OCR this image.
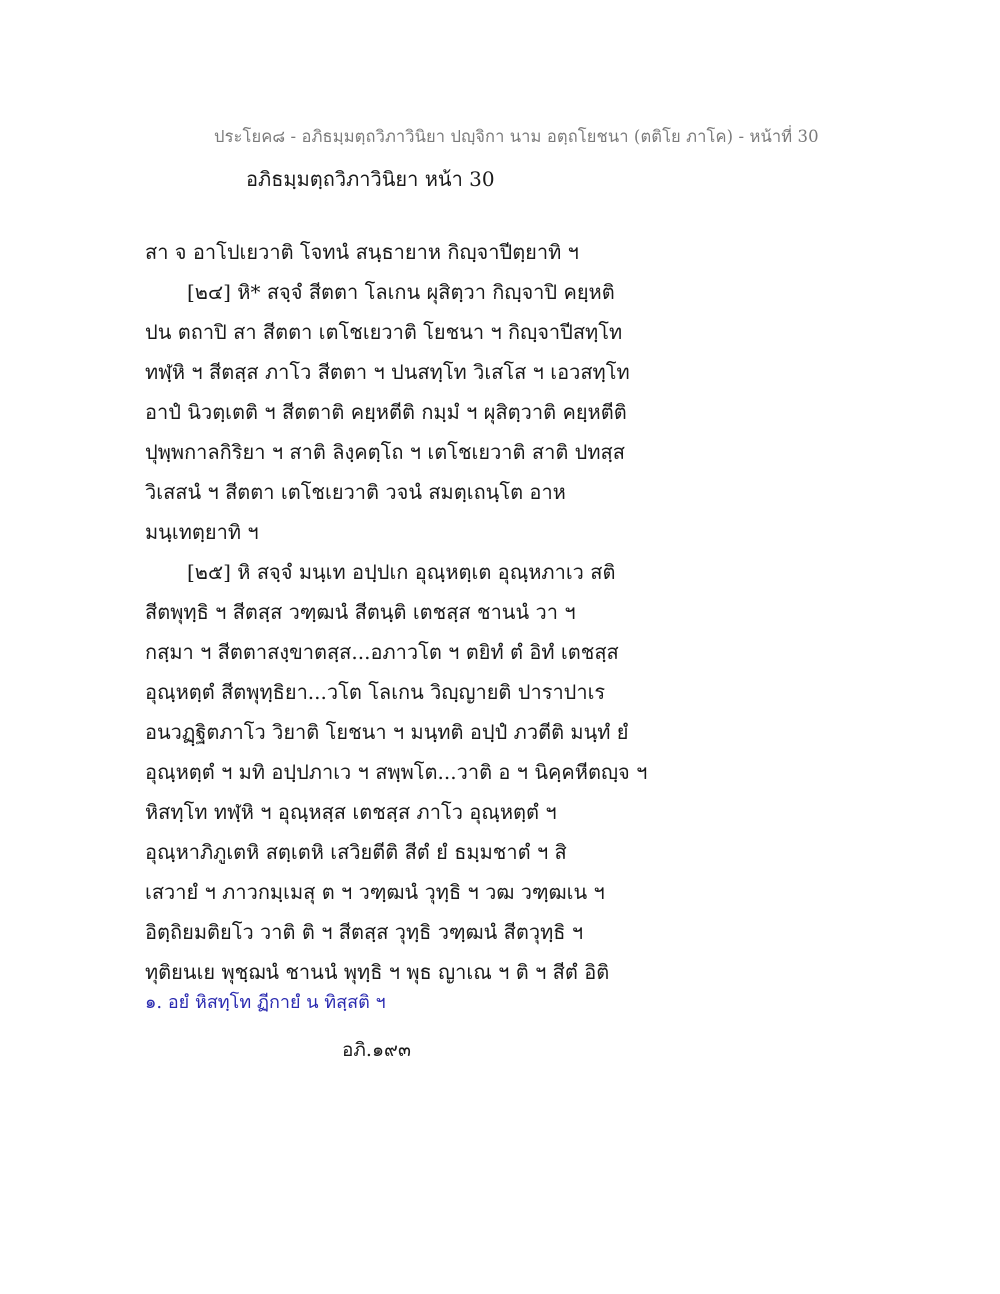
ประโยค๘ - อภิธมฺมตฺถวิภาวินิยา ปญฺจิกา นาม อตฺถโยชนา (ตติโย ภาโค) - หน้าที่ 30
อภิธมฺมตฺถวิภาวินิยา หน้า 30
สา จ อาโปเยวาติ โจทนํ สนฺธายาห กิญฺจาปีตฺยาทิ ฯ
[๒๔] หิ* สจฺจํ สีตตา โลเกน ผุสิตฺวา กิญฺจาปิ คยฺหติ
ปน ตถาปิ สา สีตตา เตโชเยวาติ โยชนา ฯ กิญฺจาปีสทฺโท
ทฬฺหิ ฯ สีตสฺส ภาโว สีตตา ฯ ปนสทฺโท วิเสโส ฯ เอวสทฺโท
อาปํ นิวตฺเตติ ฯ สีตตาติ คยฺหตีติ กมฺมํ ฯ ผุสิตฺวาติ คยฺหตีติ
ปุพฺพกาลกิริยา ฯ สาติ ลิงฺคตฺโถ ฯ เตโชเยวาติ สาติ ปทสฺส
วิเสสนํ ฯ สีตตา เตโชเยวาติ วจนํ สมตฺเถนฺโต อาห
มนฺเทตฺยาทิ ฯ
[๒๕] หิ สจฺจํ มนฺเท อปฺปเก อุณฺหตฺเต อุณฺหภาเว สติ
สีตพุทฺธิ ฯ สีตสฺส วฑฺฒนํ สีตนฺติ เตชสฺส ชานนํ วา ฯ
กสฺมา ฯ สีตตาสงฺขาตสฺส...อภาวโต ฯ ตยิทํ ตํ อิทํ เตชสฺส
อุณฺหตฺตํ สีตพุทฺธิยา...วโต โลเกน วิญฺญายติ ปาราปาเร
อนวฏฺฐิตภาโว วิยาติ โยชนา ฯ มนฺทติ อปฺปํ ภวตีติ มนฺทํ ยํ
อุณฺหตฺตํ ฯ มทิ อปฺปภาเว ฯ สพฺพโต...วาติ อ ฯ นิคฺคหีตญฺจ ฯ
หิสทฺโท ทฬฺหิ ฯ อุณฺหสฺส เตชสฺส ภาโว อุณฺหตฺตํ ฯ
อุณฺหาภิภูเตหิ สตฺเตหิ เสวิยตีติ สีตํ ยํ ธมฺมชาตํ ฯ สิ
เสวายํ ฯ ภาวกมฺเมสุ ต ฯ วฑฺฒนํ วุทฺธิ ฯ วฒ วฑฺฒเน ฯ
อิตฺถิยมติยโว วาติ ติ ฯ สีตสฺส วุทฺธิ วฑฺฒนํ สีตวุทฺธิ ฯ
ทุติยนเย พุชฺฌนํ ชานนํ พุทฺธิ ฯ พุธ ญาเณ ฯ ติ ฯ สีตํ อิติ
๑. อยํ หิสทฺโท ฏีกายํ น ทิสฺสติ ฯ
อภิ.๑๙๓
